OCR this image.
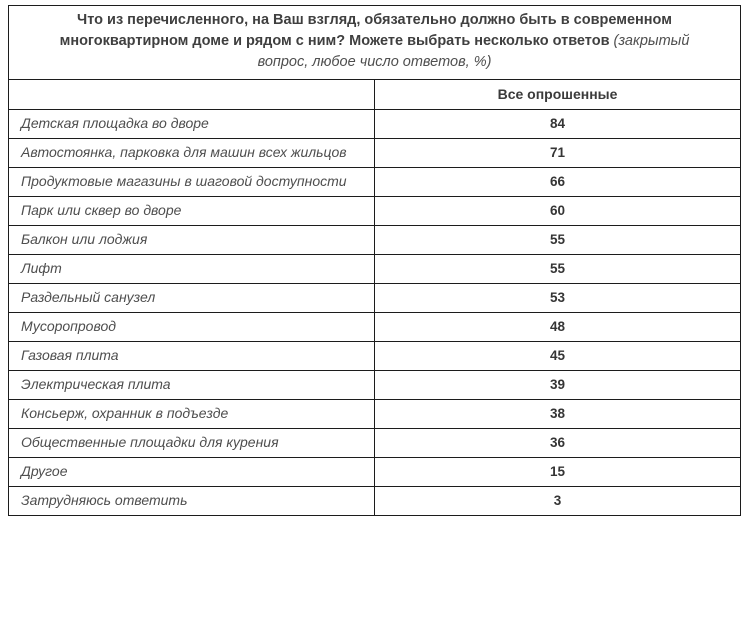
Что из перечисленного, на Ваш взгляд, обязательно должно быть в современном многоквартирном доме и рядом с ним? Можете выбрать несколько ответов (закрытый вопрос, любое число ответов, %)	
	Все опрошенные
Детская площадка во дворе	84
Автостоянка, парковка для машин всех жильцов	71
Продуктовые магазины в шаговой доступности	66
Парк или сквер во дворе	60
Балкон или лоджия	55
Лифт	55
Раздельный санузел	53
Мусоропровод	48
Газовая плита	45
Электрическая плита	39
Консьерж, охранник в подъезде	38
Общественные площадки для курения	36
Другое	15
Затрудняюсь ответить	3
